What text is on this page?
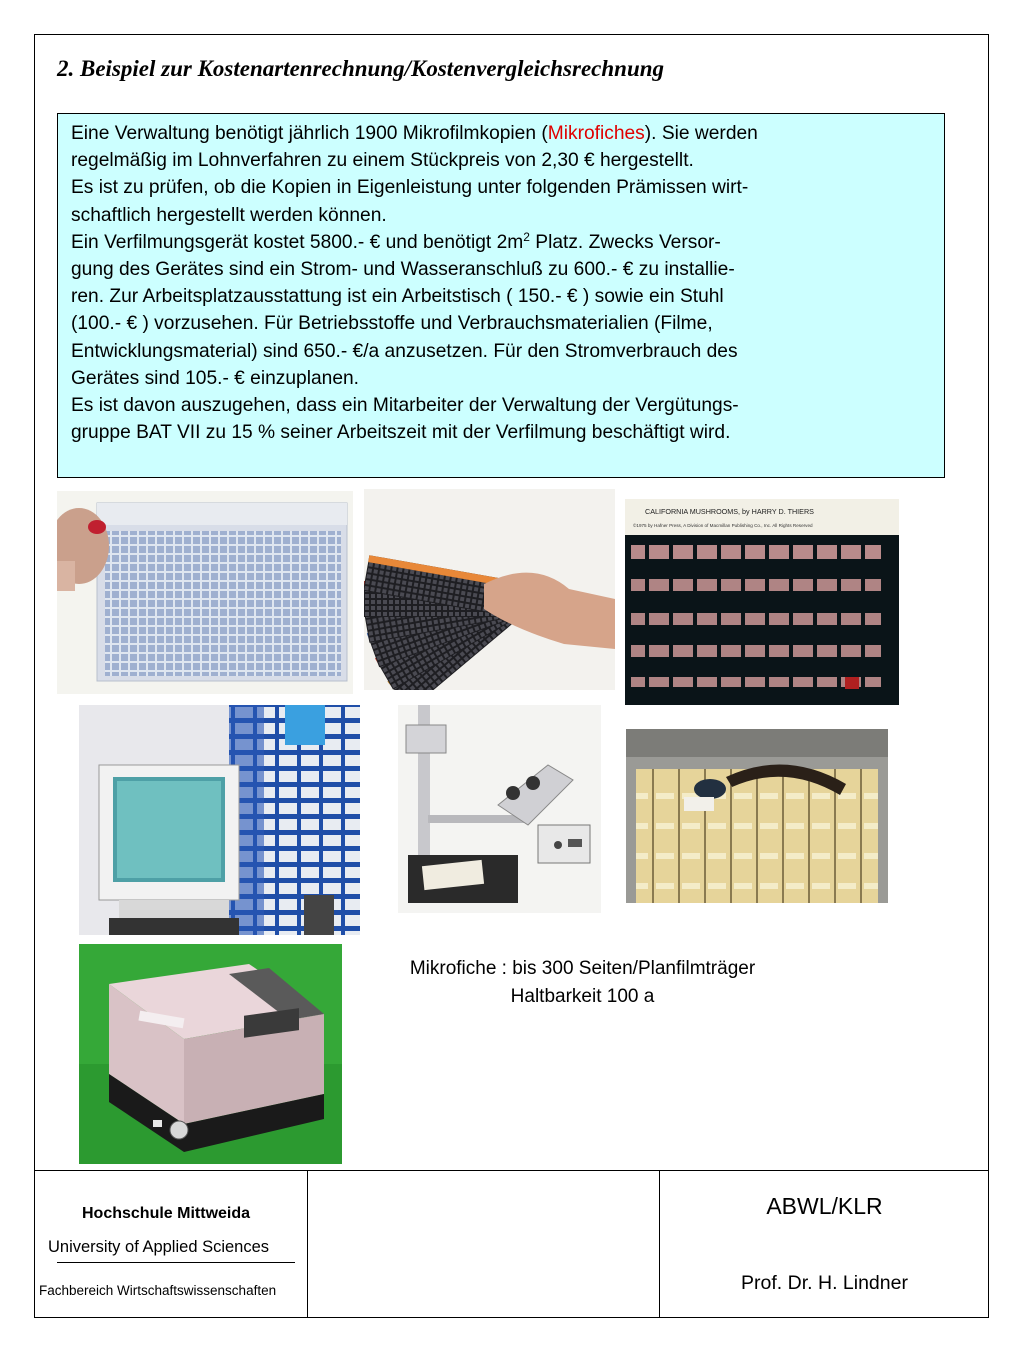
2. Beispiel zur Kostenartenrechnung/Kostenvergleichsrechnung

Eine Verwaltung benötigt jährlich 1900 Mikrofilmkopien (Mikrofiches). Sie werden

regelmäßig im Lohnverfahren zu einem Stückpreis von 2,30 € hergestellt.

Es ist zu prüfen, ob die Kopien in Eigenleistung unter folgenden Prämissen wirt-

schaftlich hergestellt werden können.

Ein Verfilmungsgerät kostet 5800.- € und benötigt $2m^2$ Platz. Zwecks Versor-

gung des Gerätes sind ein Strom- und Wasseranschluß zu 600.- € zu installie-

ren. Zur Arbeitsplatzausstattung ist ein Arbeitstisch ( 150.- € ) sowie ein Stuhl

(100.- € ) vorzusehen. Für Betriebsstoffe und Verbrauchsmaterialien (Filme,

Entwicklungsmaterial) sind 650.- €/a anzusetzen. Für den Stromverbrauch des

Gerätes sind 105.- € einzuplanen.

Es ist davon auszugehen, dass ein Mitarbeiter der Verwaltung der Vergütungs-

gruppe BAT VII zu 15 % seiner Arbeitszeit mit der Verfilmung beschäftigt wird.

CALIFORNIA MUSHROOMS, by HARRY D. THIERS
©1975 by Hafner Press, A Division of Macmillan Publishing Co., Inc. All Rights Reserved
Mikrofiche : bis 300 Seiten/Planfilmträger
Haltbarkeit 100 a
Hochschule Mittweida
University of Applied Sciences
Fachbereich Wirtschaftswissenschaften
ABWL/KLR
Prof. Dr. H. Lindner
